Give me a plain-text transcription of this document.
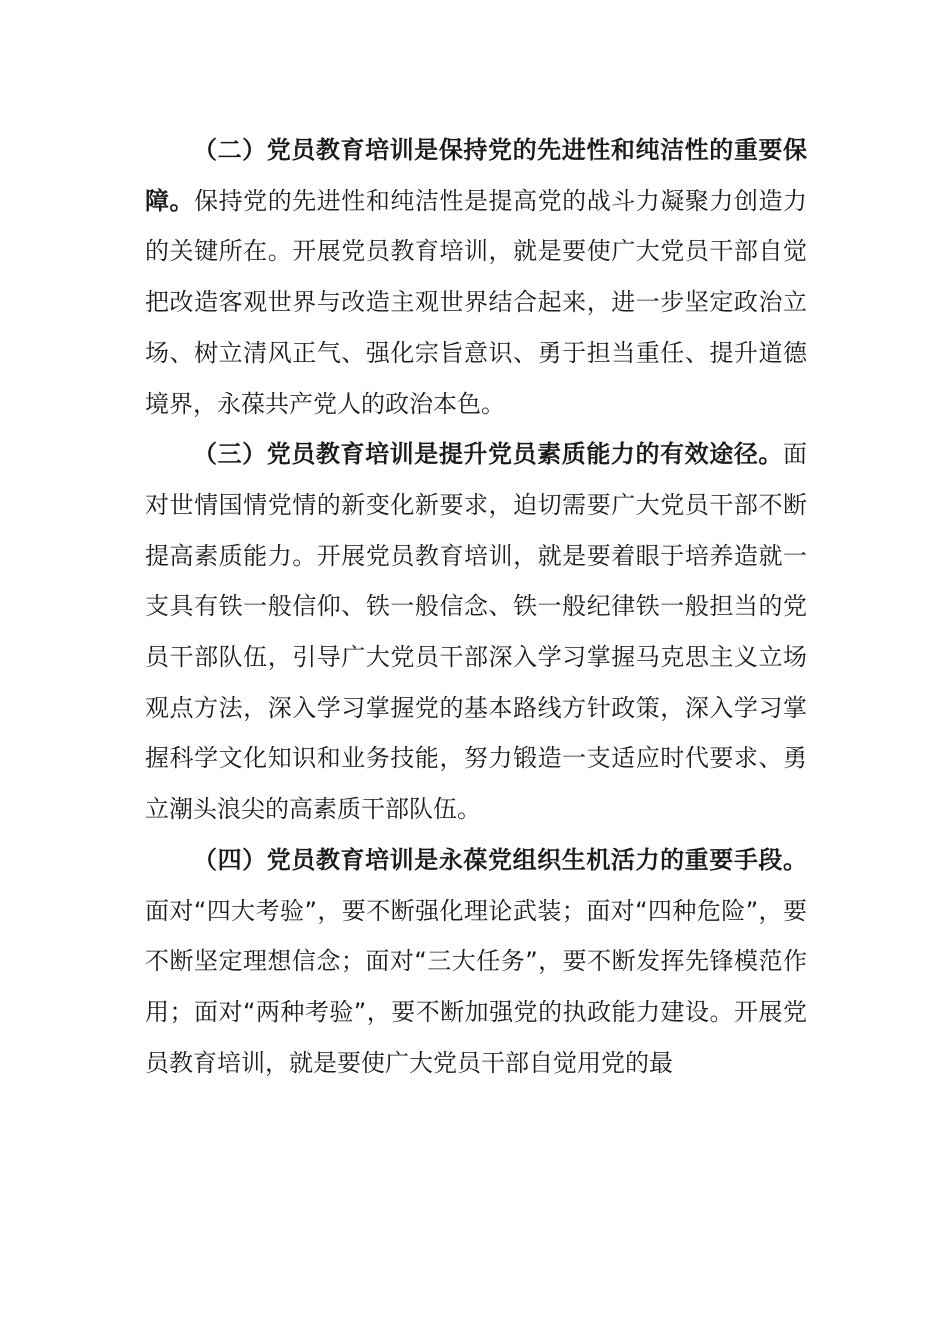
（二）党员教育培训是保持党的先进性和纯洁性的重要保障。保持党的先进性和纯洁性是提高党的战斗力凝聚力创造力的关键所在。开展党员教育培训，就是要使广大党员干部自觉把改造客观世界与改造主观世界结合起来，进一步坚定政治立场、树立清风正气、强化宗旨意识、勇于担当重任、提升道德境界，永葆共产党人的政治本色。

（三）党员教育培训是提升党员素质能力的有效途径。面对世情国情党情的新变化新要求，迫切需要广大党员干部不断提高素质能力。开展党员教育培训，就是要着眼于培养造就一支具有铁一般信仰、铁一般信念、铁一般纪律铁一般担当的党员干部队伍，引导广大党员干部深入学习掌握马克思主义立场观点方法，深入学习掌握党的基本路线方针政策，深入学习掌握科学文化知识和业务技能，努力锻造一支适应时代要求、勇立潮头浪尖的高素质干部队伍。

（四）党员教育培训是永葆党组织生机活力的重要手段。面对“四大考验”，要不断强化理论武装；面对“四种危险”，要不断坚定理想信念；面对“三大任务”，要不断发挥先锋模范作用；面对“两种考验”，要不断加强党的执政能力建设。开展党员教育培训，就是要使广大党员干部自觉用党的最
